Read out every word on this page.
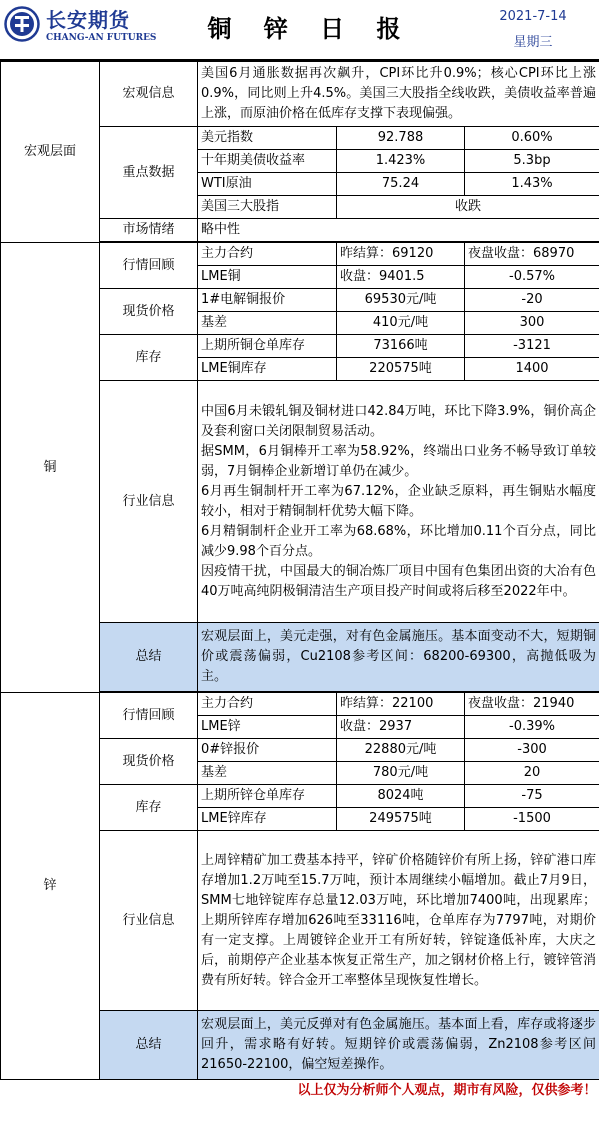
长安期货
CHANG-AN FUTURES	铜 锌 日 报	2021-7-14
星期三
宏观层面	宏观信息	美国6月通胀数据再次飙升，CPI环比升0.9%；核心CPI环比上涨0.9%，同比则上升4.5%。美国三大股指全线收跌，美债收益率普遍上涨，而原油价格在低库存支撑下表现偏强。		
	重点数据	美元指数	92.788	0.60%
		十年期美债收益率	1.423%	5.3bp
		WTI原油	75.24	1.43%
		美国三大股指	收跌	
	市场情绪	略中性		

铜	行情回顾	主力合约	昨结算：69120	夜盘收盘：68970
		LME铜	收盘：9401.5	-0.57%
	现货价格	1#电解铜报价	69530元/吨	-20
		基差	410元/吨	300
	库存	上期所铜仓单库存	73166吨	-3121
		LME铜库存	220575吨	1400
	行业信息	中国6月未锻轧铜及铜材进口42.84万吨，环比下降3.9%，铜价高企及套利窗口关闭限制贸易活动。
据SMM，6月铜棒开工率为58.92%，终端出口业务不畅导致订单较弱，7月铜棒企业新增订单仍在减少。
6月再生铜制杆开工率为67.12%，企业缺乏原料，再生铜贴水幅度较小，相对于精铜制杆优势大幅下降。
6月精铜制杆企业开工率为68.68%，环比增加0.11个百分点，同比减少9.98个百分点。
因疫情干扰，中国最大的铜冶炼厂项目中国有色集团出资的大冶有色40万吨高纯阴极铜清洁生产项目投产时间或将后移至2022年中。		

	总结	宏观层面上，美元走强，对有色金属施压。基本面变动不大，短期铜价或震荡偏弱，Cu2108参考区间：68200-69300，高抛低吸为主。		

锌	行情回顾	主力合约	昨结算：22100	夜盘收盘：21940
		LME锌	收盘：2937	-0.39%
	现货价格	0#锌报价	22880元/吨	-300
		基差	780元/吨	20
	库存	上期所锌仓单库存	8024吨	-75
		LME锌库存	249575吨	-1500
	行业信息	上周锌精矿加工费基本持平，锌矿价格随锌价有所上扬，锌矿港口库存增加1.2万吨至15.7万吨，预计本周继续小幅增加。截止7月9日，SMM七地锌锭库存总量12.03万吨，环比增加7400吨，出现累库；上期所锌库存增加626吨至33116吨，仓单库存为7797吨，对期价有一定支撑。上周镀锌企业开工有所好转，锌锭逢低补库，大庆之后，前期停产企业基本恢复正常生产，加之钢材价格上行，镀锌管消费有所好转。锌合金开工率整体呈现恢复性增长。		
	总结	宏观层面上，美元反弹对有色金属施压。基本面上看，库存或将逐步回升，需求略有好转。短期锌价或震荡偏弱，Zn2108参考区间21650-22100，偏空短差操作。		
以上仅为分析师个人观点，期市有风险，仅供参考！				
